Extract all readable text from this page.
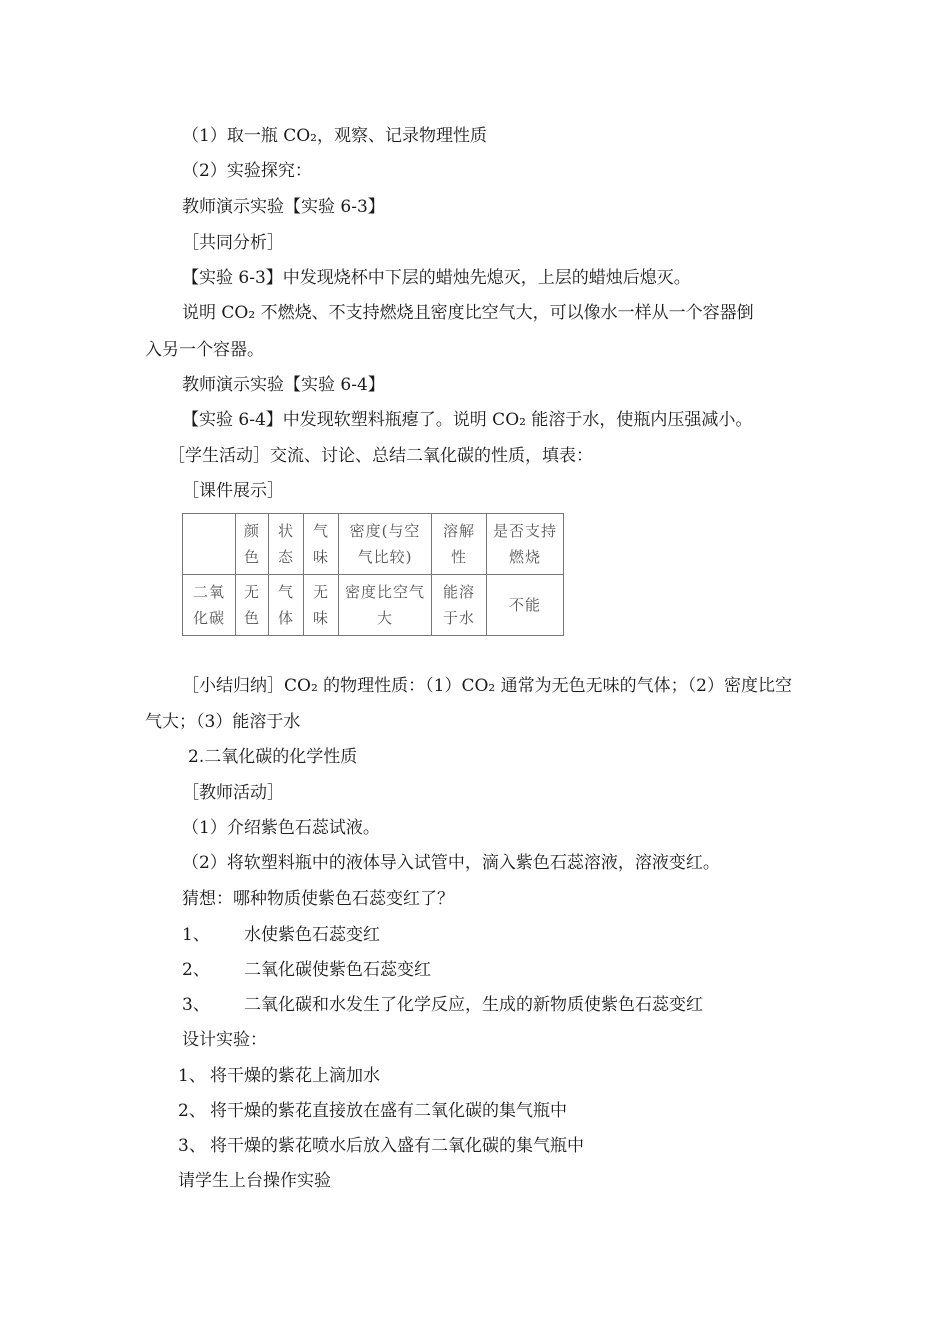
（1）取一瓶 CO₂，观察、记录物理性质
（2）实验探究：
教师演示实验【实验 6-3】
［共同分析］
【实验 6-3】中发现烧杯中下层的蜡烛先熄灭，上层的蜡烛后熄灭。
说明 CO₂ 不燃烧、不支持燃烧且密度比空气大，可以像水一样从一个容器倒
入另一个容器。
教师演示实验【实验 6-4】
【实验 6-4】中发现软塑料瓶瘪了。说明 CO₂ 能溶于水，使瓶内压强减小。
［学生活动］交流、讨论、总结二氧化碳的性质，填表：
［课件展示］
	颜色	状态	气味	密度(与空气比较)	溶解性	是否支持燃烧
二氧化碳	无色	气体	无味	密度比空气大	能溶于水	不能
［小结归纳］CO₂ 的物理性质：（1）CO₂ 通常为无色无味的气体；（2）密度比空
气大；（3）能溶于水
2.二氧化碳的化学性质
［教师活动］
（1）介绍紫色石蕊试液。
（2）将软塑料瓶中的液体导入试管中，滴入紫色石蕊溶液，溶液变红。
猜想：哪种物质使紫色石蕊变红了？
1、 水使紫色石蕊变红
2、 二氧化碳使紫色石蕊变红
3、 二氧化碳和水发生了化学反应，生成的新物质使紫色石蕊变红
设计实验：
1、 将干燥的紫花上滴加水
2、 将干燥的紫花直接放在盛有二氧化碳的集气瓶中
3、 将干燥的紫花喷水后放入盛有二氧化碳的集气瓶中
请学生上台操作实验
